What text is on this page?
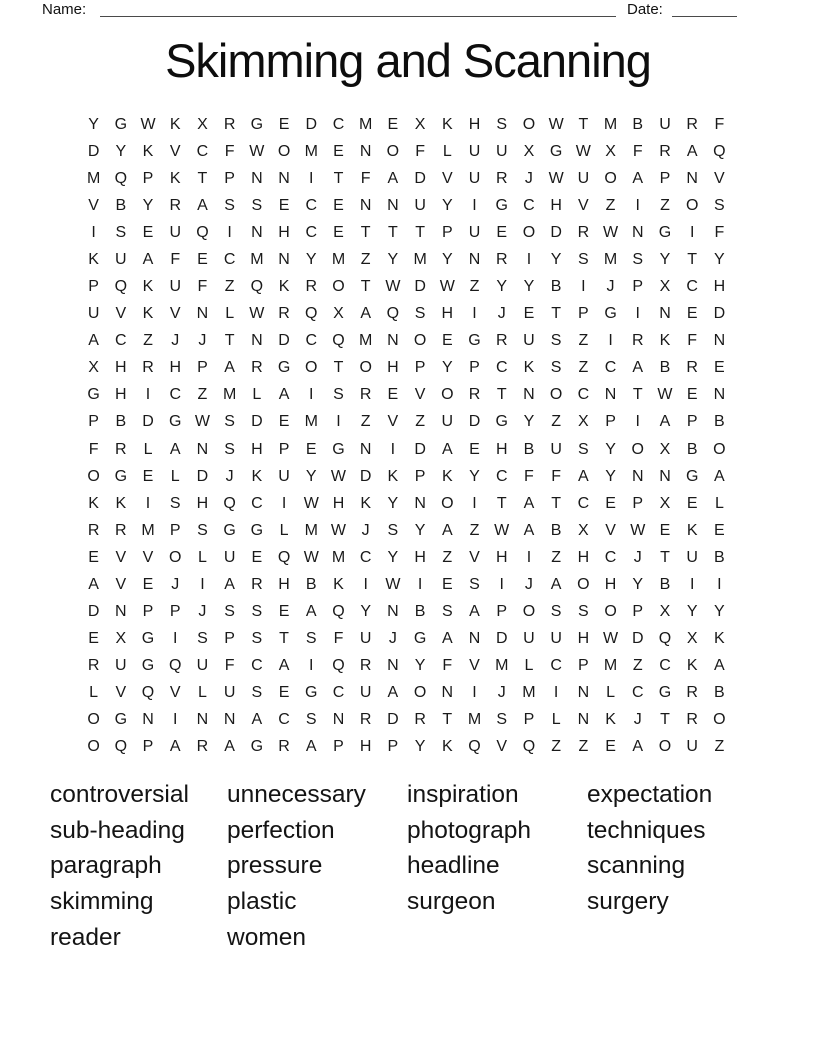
Name:	Date:
Skimming and Scanning
Y G W K	X	R G E	D C M E	X	K	H	S O W T M B	U R	F
D	Y	K	V	C	F W O M E	N O	F	L	U U	X G W X	F	R	A Q
M Q P	K	T	P	N N	I	T	F	A	D	V	U R	J W U O A	P	N	V
V	B	Y	R	A	S	S	E	C	E	N N U	Y	I	G C H	V	Z	I	Z	O S
I	S	E	U Q	I	N H C	E	T	T	T	P	U	E O D R W N G	I	F
K	U	A	F	E	C M N	Y M Z	Y M Y	N R	I	Y	S M S	Y	T	Y
P Q K	U	F	Z	Q K	R O	T W D W Z	Y	Y	B	I	J	P	X	C H
U	V	K	V	N	L W R Q X	A Q S	H	I	J	E	T	P G	I	N	E	D
A	C	Z	J	J	T	N D C Q M N O E G R U	S	Z	I	R	K	F	N
X	H R H	P	A	R G O	T	O H	P	Y	P	C	K	S	Z	C	A	B	R	E
G H	I	C	Z M	L	A	I	S	R	E	V O R	T	N O C N	T W E	N
P	B	D G W S	D	E M	I	Z	V	Z	U D G Y	Z	X	P	I	A	P	B
F	R	L	A	N	S	H	P	E G N	I	D	A	E	H	B	U	S	Y O X	B O
O G E	L	D	J	K	U	Y W D	K	P	K	Y	C	F	F	A	Y	N N G A
K	K	I	S	H Q C	I	W H	K	Y	N O	I	T	A	T	C	E	P	X	E	L
R R M P	S G G	L	M W J	S	Y	A	Z W A	B	X	V W E	K	E
E	V	V O	L	U	E Q W M C	Y	H	Z	V	H	I	Z	H C	J	T	U	B
A	V	E	J	I	A	R H	B	K	I	W	I	E	S	I	J	A O H	Y	B	I	I
D N	P	P	J	S	S	E	A Q Y	N	B	S	A	P O S	S O P	X	Y	Y
E	X G	I	S	P	S	T	S	F	U	J	G A	N D U U H W D Q X	K
R U G Q U	F	C	A	I	Q R N	Y	F	V M	L	C	P M Z	C	K	A
L	V Q V	L	U	S	E G C U	A O N	I	J	M	I	N	L	C G R	B
O G N	I	N N	A	C	S	N R D R	T M S	P	L	N	K	J	T	R O
O Q P	A	R	A G R	A	P	H	P	Y	K Q V Q	Z	Z	E	A O U	Z
controversial
sub-heading
paragraph
skimming
reader
unnecessary
perfection
pressure
plastic
women
inspiration
photograph
headline
surgeon
expectation
techniques
scanning
surgery
